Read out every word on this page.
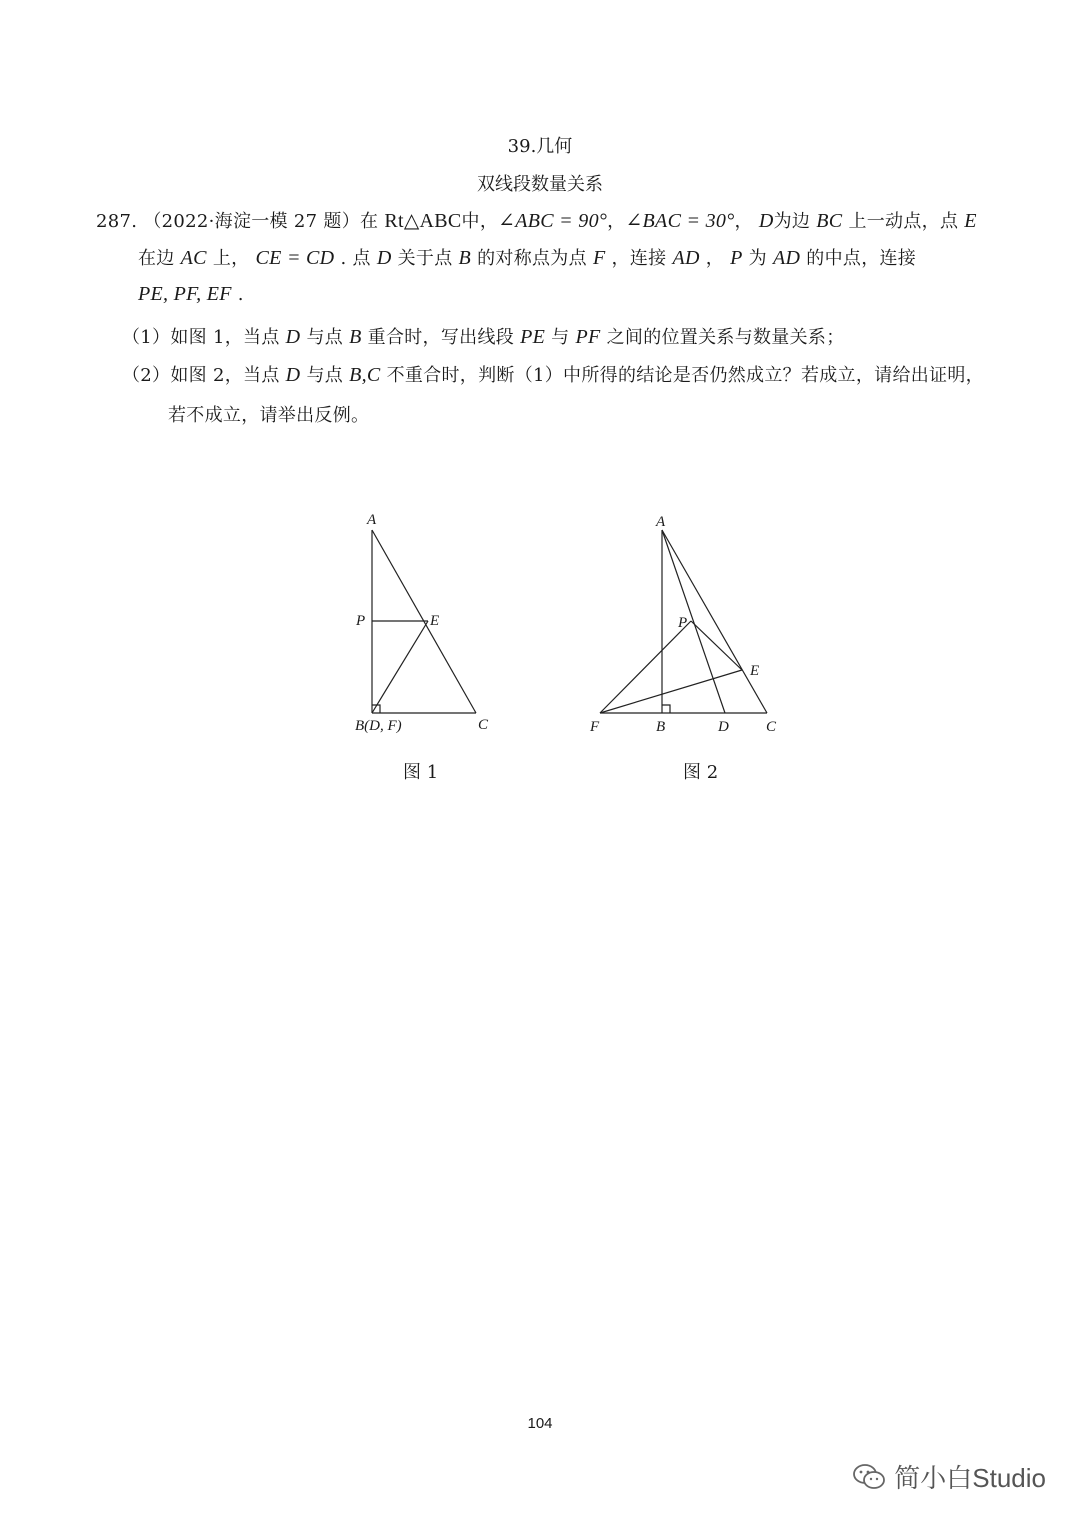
39.几何
双线段数量关系
287. （2022·海淀一模 27 题）在 Rt△ABC中，∠ABC = 90°，∠BAC = 30°， D为边 BC 上一动点，点 E
在边 AC 上， CE = CD . 点 D 关于点 B 的对称点为点 F ，连接 AD ， P 为 AD 的中点，连接
PE, PF, EF .
（1）如图 1，当点 D 与点 B 重合时，写出线段 PE 与 PF 之间的位置关系与数量关系；
（2）如图 2，当点 D 与点 B,C 不重合时，判断（1）中所得的结论是否仍然成立？若成立，请给出证明，
若不成立，请举出反例。
A
P	E
B(D, F)	C
图 1
A
P
E
F	B	D C
图 2
104
简小白Studio
